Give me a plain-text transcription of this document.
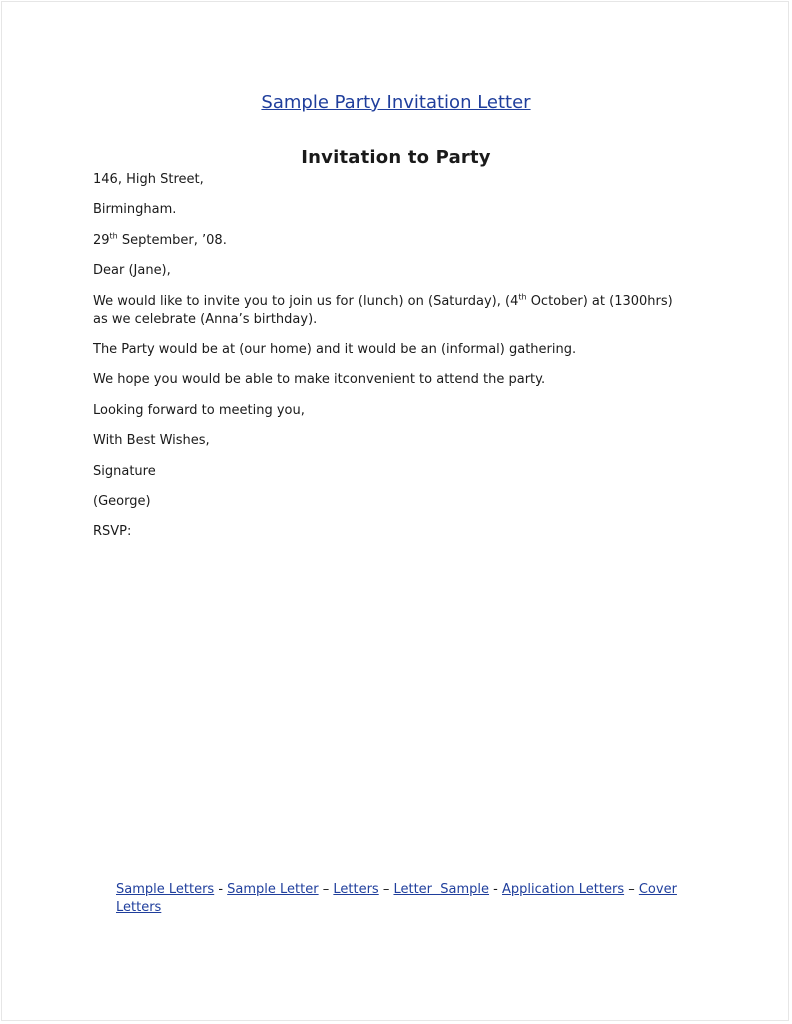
Sample Party Invitation Letter
Invitation to Party

146, High Street,

Birmingham.

29th September, ’08.

Dear (Jane),

We would like to invite you to join us for (lunch) on (Saturday), (4th October) at (1300hrs)
as we celebrate (Anna’s birthday).

The Party would be at (our home) and it would be an (informal) gathering.

We hope you would be able to make itconvenient to attend the party.

Looking forward to meeting you,

With Best Wishes,

Signature

(George)

RSVP:

Sample Letters - Sample Letter – Letters – Letter  Sample - Application Letters – Cover
Letters
